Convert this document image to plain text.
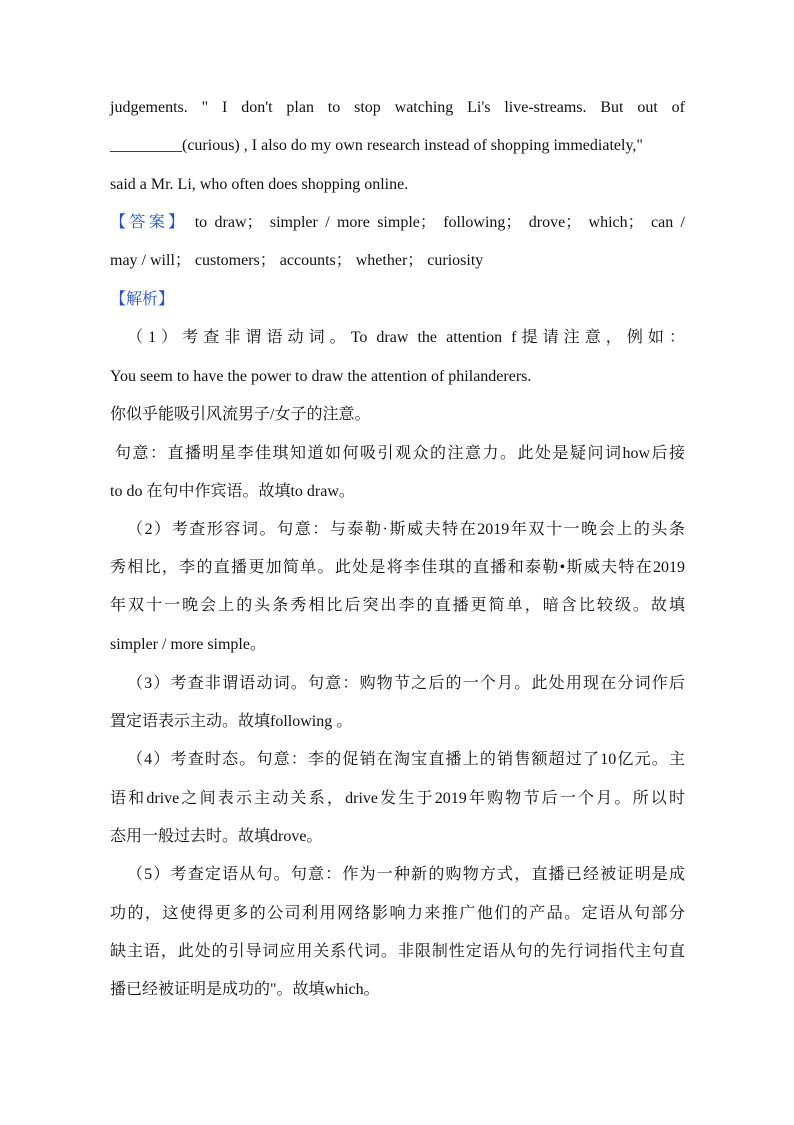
judgements. " I don't plan to stop watching Li's live-streams. But out of
_________(curious) , I also do my own research instead of shopping immediately,"
said a Mr. Li, who often does shopping online.
【答案】 to draw； simpler / more simple； following； drove； which； can /
may / will； customers； accounts； whether； curiosity
【解析】
（1）考查非谓语动词。To draw the attention f提请注意，例如：
You seem to have the power to draw the attention of philanderers.
你似乎能吸引风流男子/女子的注意。
句意：直播明星李佳琪知道如何吸引观众的注意力。此处是疑问词how后接
to do 在句中作宾语。故填to draw。
（2）考查形容词。句意：与泰勒·斯威夫特在2019年双十一晚会上的头条
秀相比，李的直播更加简单。此处是将李佳琪的直播和泰勒•斯威夫特在2019
年双十一晚会上的头条秀相比后突出李的直播更简单，暗含比较级。故填
simpler / more simple。
（3）考查非谓语动词。句意：购物节之后的一个月。此处用现在分词作后
置定语表示主动。故填following 。
（4）考查时态。句意：李的促销在淘宝直播上的销售额超过了10亿元。主
语和drive之间表示主动关系，drive发生于2019年购物节后一个月。所以时
态用一般过去时。故填drove。
（5）考查定语从句。句意：作为一种新的购物方式，直播已经被证明是成
功的，这使得更多的公司利用网络影响力来推广他们的产品。定语从句部分
缺主语，此处的引导词应用关系代词。非限制性定语从句的先行词指代主句直
播已经被证明是成功的"。故填which。
